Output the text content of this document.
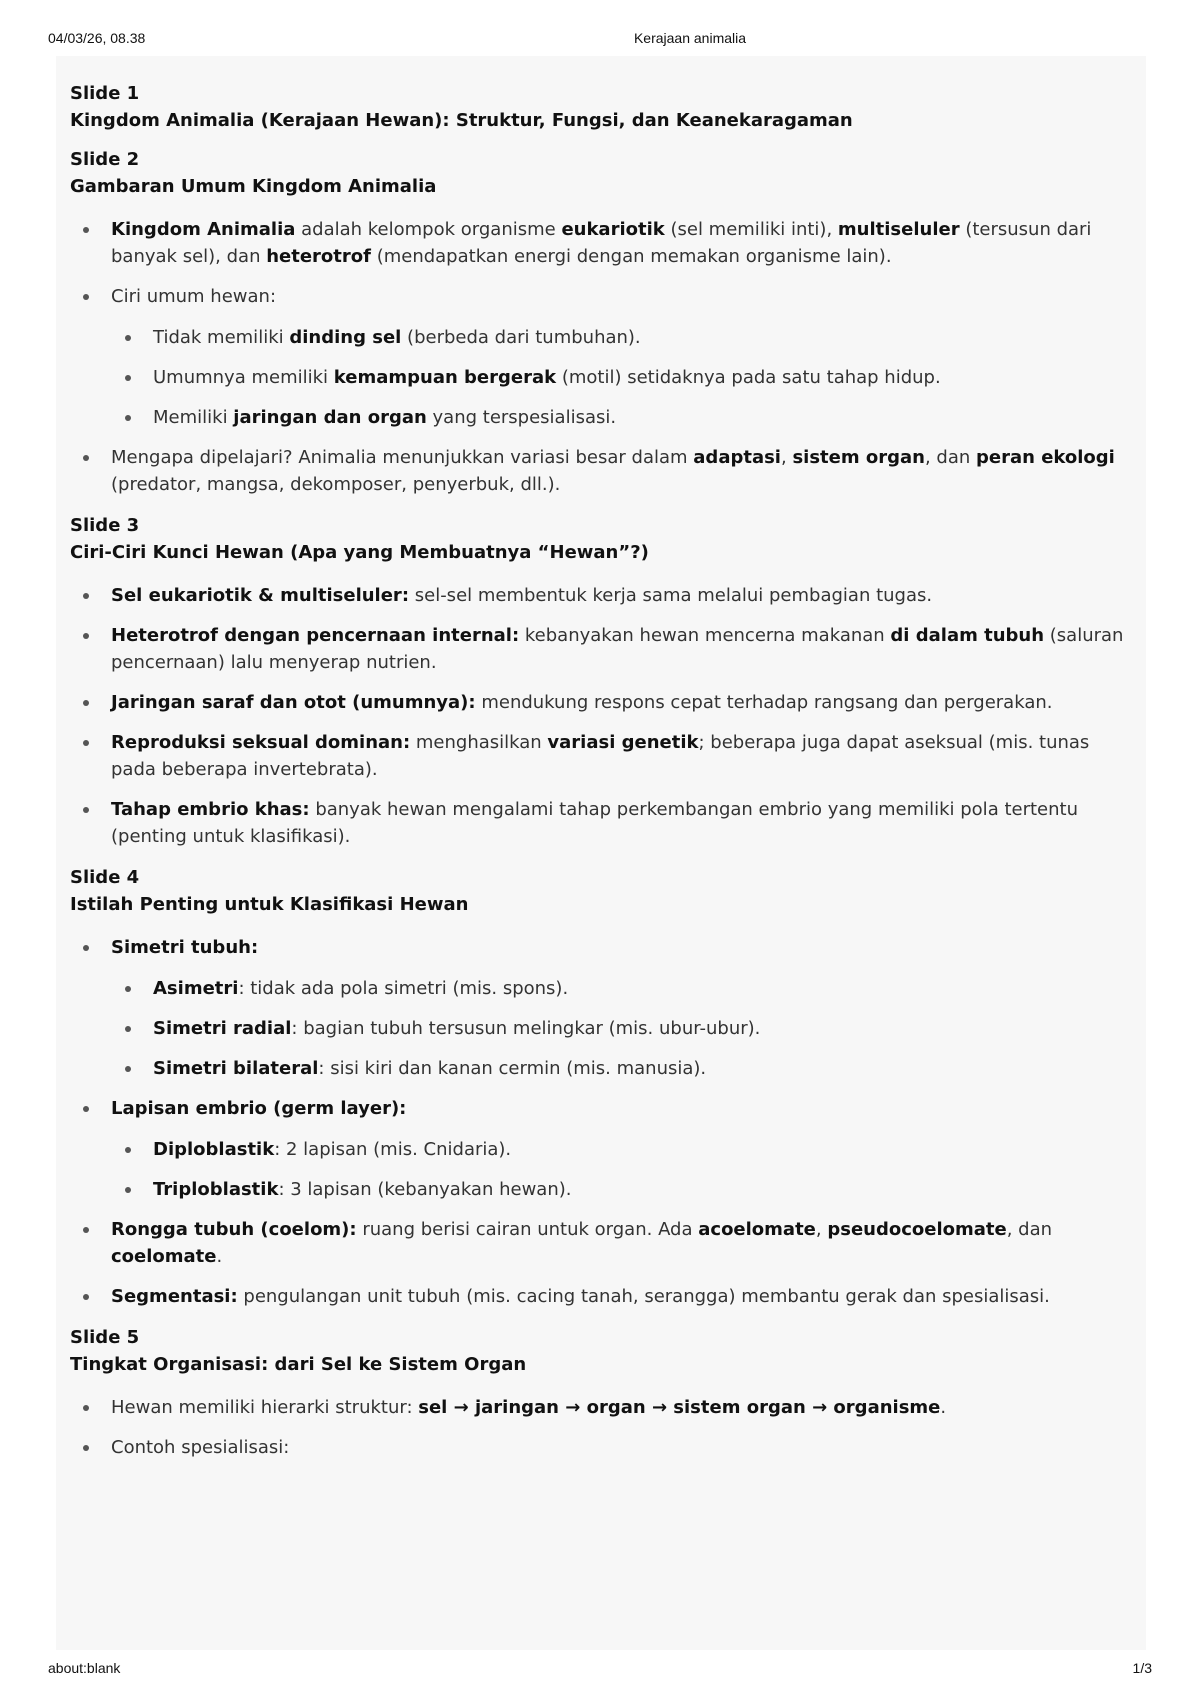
04/03/26, 08.38	Kerajaan animalia

Slide 1

Kingdom Animalia (Kerajaan Hewan): Struktur, Fungsi, dan Keanekaragaman

Slide 2

Gambaran Umum Kingdom Animalia

Kingdom Animalia adalah kelompok organisme eukariotik (sel memiliki inti), multiseluler (tersusun dari banyak sel), dan heterotrof (mendapatkan energi dengan memakan organisme lain).
Ciri umum hewan:
Tidak memiliki dinding sel (berbeda dari tumbuhan).
Umumnya memiliki kemampuan bergerak (motil) setidaknya pada satu tahap hidup.
Memiliki jaringan dan organ yang terspesialisasi.
Mengapa dipelajari? Animalia menunjukkan variasi besar dalam adaptasi, sistem organ, dan peran ekologi (predator, mangsa, dekomposer, penyerbuk, dll.).

Slide 3

Ciri-Ciri Kunci Hewan (Apa yang Membuatnya “Hewan”?)

Sel eukariotik & multiseluler: sel-sel membentuk kerja sama melalui pembagian tugas.
Heterotrof dengan pencernaan internal: kebanyakan hewan mencerna makanan di dalam tubuh (saluran pencernaan) lalu menyerap nutrien.
Jaringan saraf dan otot (umumnya): mendukung respons cepat terhadap rangsang dan pergerakan.
Reproduksi seksual dominan: menghasilkan variasi genetik; beberapa juga dapat aseksual (mis. tunas pada beberapa invertebrata).
Tahap embrio khas: banyak hewan mengalami tahap perkembangan embrio yang memiliki pola tertentu (penting untuk klasifikasi).

Slide 4

Istilah Penting untuk Klasifikasi Hewan

Simetri tubuh:
Asimetri: tidak ada pola simetri (mis. spons).
Simetri radial: bagian tubuh tersusun melingkar (mis. ubur-ubur).
Simetri bilateral: sisi kiri dan kanan cermin (mis. manusia).
Lapisan embrio (germ layer):
Diploblastik: 2 lapisan (mis. Cnidaria).
Triploblastik: 3 lapisan (kebanyakan hewan).
Rongga tubuh (coelom): ruang berisi cairan untuk organ. Ada acoelomate, pseudocoelomate, dan coelomate.
Segmentasi: pengulangan unit tubuh (mis. cacing tanah, serangga) membantu gerak dan spesialisasi.

Slide 5

Tingkat Organisasi: dari Sel ke Sistem Organ

Hewan memiliki hierarki struktur: sel → jaringan → organ → sistem organ → organisme.
Contoh spesialisasi:
about:blank	1/3
